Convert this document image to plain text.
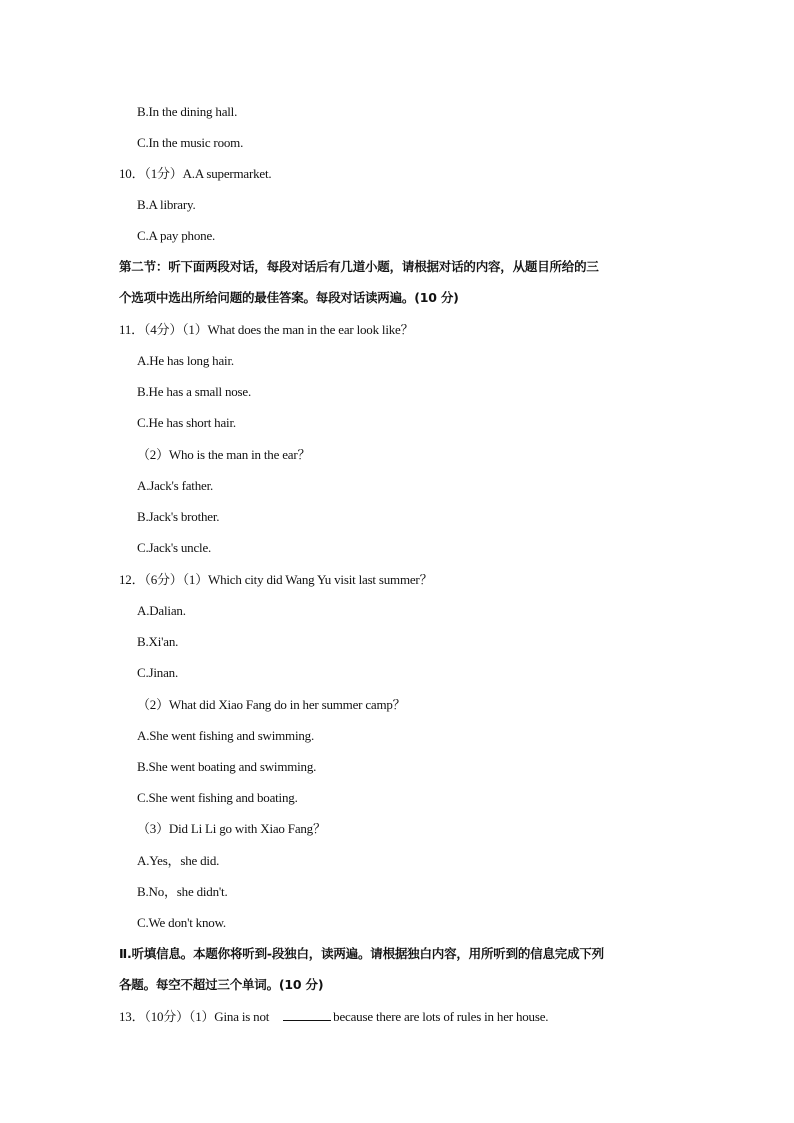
B.In the dining hall.
C.In the music room.
10．（1分）A.A supermarket.
B.A library.
C.A pay phone.
第二节：听下面两段对话，每段对话后有几道小题，请根据对话的内容，从题目所给的三
个选项中选出所给问题的最佳答案。每段对话读两遍。(10 分)
11．（4分）（1）What does the man in the ear look like？
A.He has long hair.
B.He has a small nose.
C.He has short hair.
（2）Who is the man in the ear？
A.Jack's father.
B.Jack's brother.
C.Jack's uncle.
12．（6分）（1）Which city did Wang Yu visit last summer？
A.Dalian.
B.Xi'an.
C.Jinan.
（2）What did Xiao Fang do in her summer camp？
A.She went fishing and swimming.
B.She went boating and swimming.
C.She went fishing and boating.
（3）Did Li Li go with Xiao Fang？
A.Yes，she did.
B.No，she didn't.
C.We don't know.
Ⅱ.听填信息。本题你将听到-段独白，读两遍。请根据独白内容，用所听到的信息完成下列
各题。每空不超过三个单词。(10 分)
13．（10分）（1）Gina is not	because there are lots of rules in her house.
